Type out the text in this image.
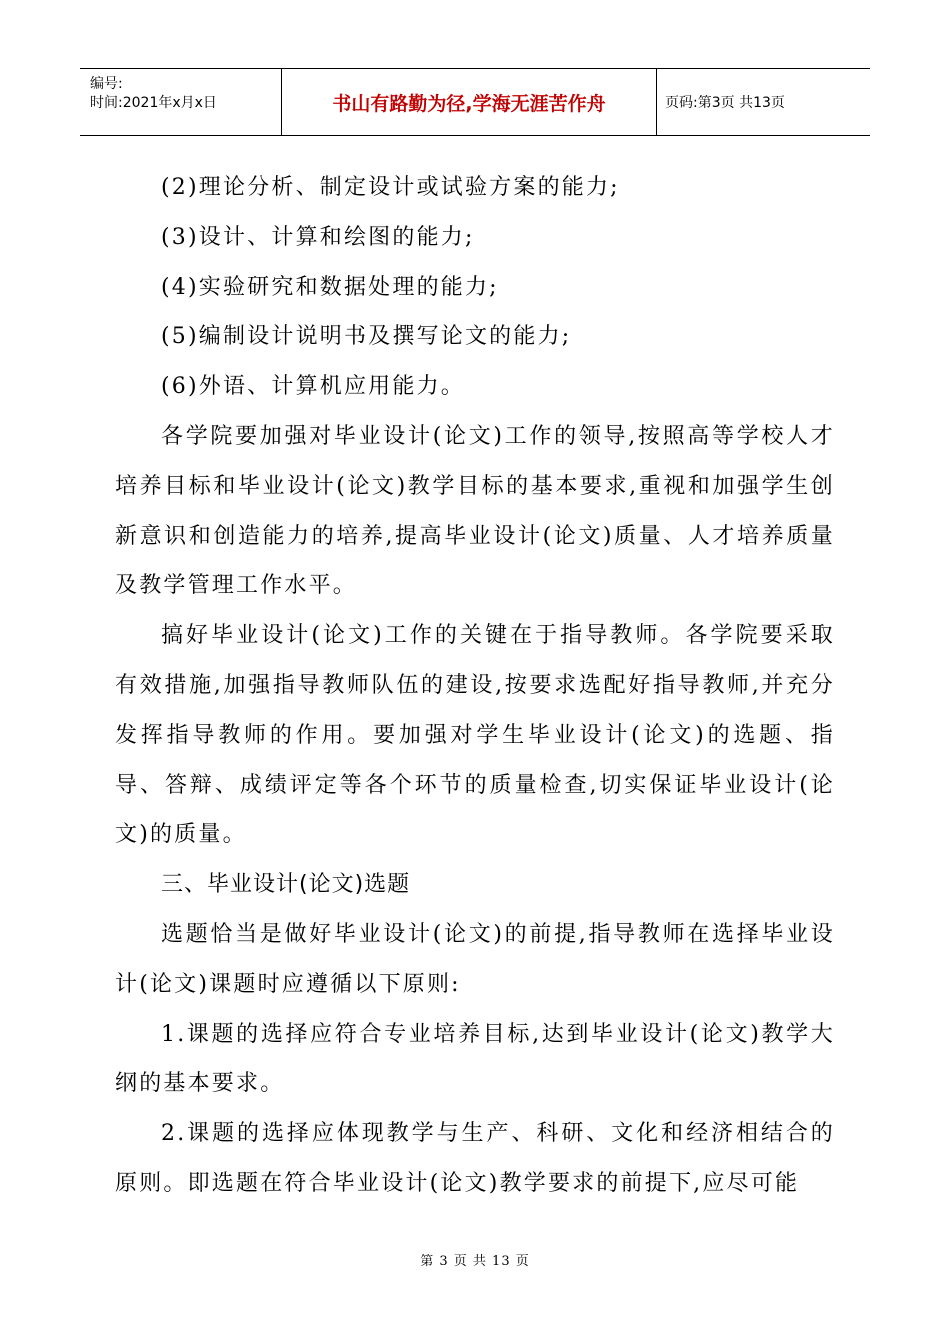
编号:
时间:2021年x月x日	书山有路勤为径,学海无涯苦作舟	页码:第3页 共13页

(2)理论分析、制定设计或试验方案的能力;

(3)设计、计算和绘图的能力;

(4)实验研究和数据处理的能力;

(5)编制设计说明书及撰写论文的能力;

(6)外语、计算机应用能力。

各学院要加强对毕业设计(论文)工作的领导,按照高等学校人才培养目标和毕业设计(论文)教学目标的基本要求,重视和加强学生创新意识和创造能力的培养,提高毕业设计(论文)质量、人才培养质量及教学管理工作水平。

搞好毕业设计(论文)工作的关键在于指导教师。各学院要采取有效措施,加强指导教师队伍的建设,按要求选配好指导教师,并充分发挥指导教师的作用。要加强对学生毕业设计(论文)的选题、指导、答辩、成绩评定等各个环节的质量检查,切实保证毕业设计(论文)的质量。

三、毕业设计(论文)选题

选题恰当是做好毕业设计(论文)的前提,指导教师在选择毕业设计(论文)课题时应遵循以下原则:

1.课题的选择应符合专业培养目标,达到毕业设计(论文)教学大纲的基本要求。

2.课题的选择应体现教学与生产、科研、文化和经济相结合的原则。即选题在符合毕业设计(论文)教学要求的前提下,应尽可能

第 3 页 共 13 页
